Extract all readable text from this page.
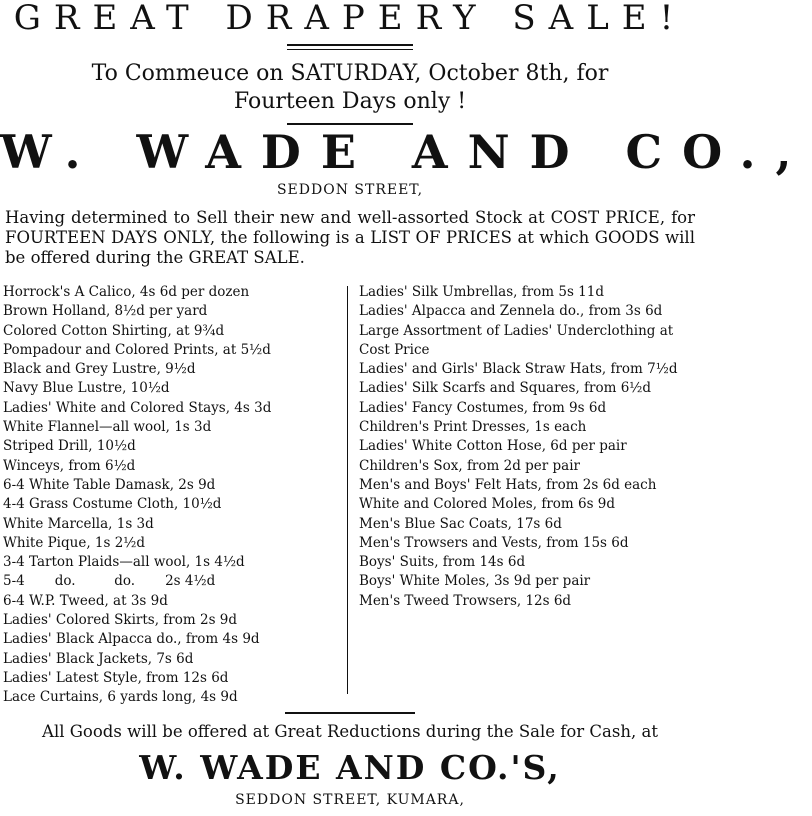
GREAT DRAPERY SALE!
To Commeuce on SATURDAY, October 8th, for
Fourteen Days only !
W. WADE AND CO.,
SEDDON STREET,
Having determined to Sell their new and well-assorted Stock at COST PRICE, for FOURTEEN DAYS ONLY, the following is a LIST OF PRICES at which GOODS will be offered during the GREAT SALE.
Horrock's A Calico, 4s 6d per dozen
Brown Holland, 8½d per yard
Colored Cotton Shirting, at 9¾d
Pompadour and Colored Prints, at 5½d
Black and Grey Lustre, 9½d
Navy Blue Lustre, 10½d
Ladies' White and Colored Stays, 4s 3d
White Flannel—all wool, 1s 3d
Striped Drill, 10½d
Winceys, from 6½d
6-4 White Table Damask, 2s 9d
4-4 Grass Costume Cloth, 10½d
White Marcella, 1s 3d
White Pique, 1s 2½d
3-4 Tarton Plaids—all wool, 1s 4½d
5-4       do.         do.       2s 4½d
6-4 W.P. Tweed, at 3s 9d
Ladies' Colored Skirts, from 2s 9d
Ladies' Black Alpacca do., from 4s 9d
Ladies' Black Jackets, 7s 6d
Ladies' Latest Style, from 12s 6d
Lace Curtains, 6 yards long, 4s 9d
Ladies' Silk Umbrellas, from 5s 11d
Ladies' Alpacca and Zennela do., from 3s 6d
Large Assortment of Ladies' Underclothing at Cost Price
Ladies' and Girls' Black Straw Hats, from 7½d
Ladies' Silk Scarfs and Squares, from 6½d
Ladies' Fancy Costumes, from 9s 6d
Children's Print Dresses, 1s each
Ladies' White Cotton Hose, 6d per pair
Children's Sox, from 2d per pair
Men's and Boys' Felt Hats, from 2s 6d each
White and Colored Moles, from 6s 9d
Men's Blue Sac Coats, 17s 6d
Men's Trowsers and Vests, from 15s 6d
Boys' Suits, from 14s 6d
Boys' White Moles, 3s 9d per pair
Men's Tweed Trowsers, 12s 6d
All Goods will be offered at Great Reductions during the Sale for Cash, at
W. WADE AND CO.'S,
SEDDON STREET, KUMARA,
